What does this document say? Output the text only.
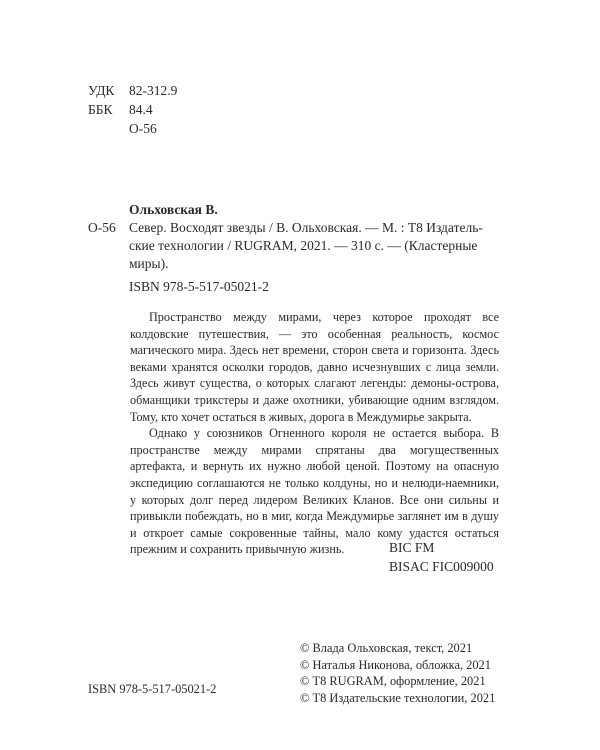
УДК 82-312.9
ББК 84.4
О-56
Ольховская В.
О-56 Север. Восходят звезды / В. Ольховская. — М. : Т8 Издатель-
ские технологии / RUGRAM, 2021. — 310 с. — (Кластерные
миры).
ISBN 978-5-517-05021-2

Пространство между мирами, через которое проходят все колдовские путешествия, — это особенная реальность, космос магического мира. Здесь нет времени, сторон света и горизонта. Здесь веками хранятся осколки городов, давно исчезнувших с лица земли. Здесь живут существа, о которых слагают легенды: демоны-острова, обманщики трикстеры и даже охотники, убивающие одним взглядом. Тому, кто хочет остаться в живых, дорога в Междумирье закрыта.

Однако у союзников Огненного короля не остается выбора. В пространстве между мирами спрятаны два могущественных артефакта, и вернуть их нужно любой ценой. Поэтому на опасную экспедицию соглашаются не только колдуны, но и нелюди-наемники, у которых долг перед лидером Великих Кланов. Все они сильны и привыкли побеждать, но в миг, когда Междумирье заглянет им в душу и откроет самые сокровенные тайны, мало кому удастся остаться прежним и сохранить привычную жизнь.	BIC FM
BISAC FIC009000
© Влада Ольховская, текст, 2021
© Наталья Никонова, обложка, 2021
© Т8 RUGRAM, оформление, 2021
© Т8 Издательские технологии, 2021
ISBN 978-5-517-05021-2
